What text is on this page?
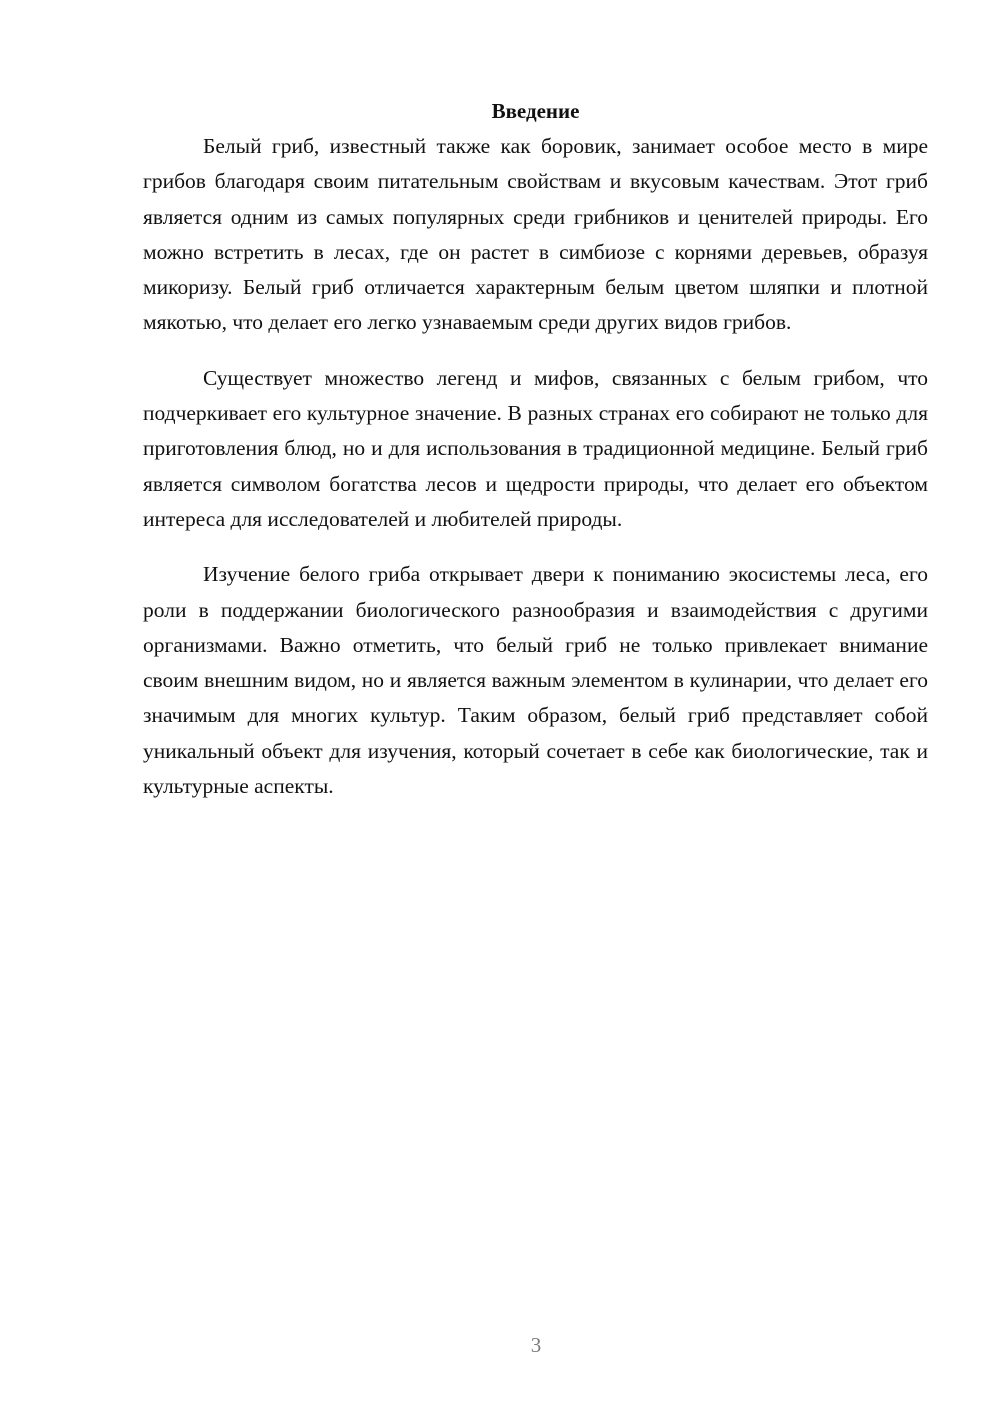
Введение

Белый гриб, известный также как боровик, занимает особое место в мире грибов благодаря своим питательным свойствам и вкусовым качествам. Этот гриб является одним из самых популярных среди грибников и ценителей природы. Его можно встретить в лесах, где он растет в симбиозе с корнями деревьев, образуя микоризу. Белый гриб отличается характерным белым цветом шляпки и плотной мякотью, что делает его легко узнаваемым среди других видов грибов.

Существует множество легенд и мифов, связанных с белым грибом, что подчеркивает его культурное значение. В разных странах его собирают не только для приготовления блюд, но и для использования в традиционной медицине. Белый гриб является символом богатства лесов и щедрости природы, что делает его объектом интереса для исследователей и любителей природы.

Изучение белого гриба открывает двери к пониманию экосистемы леса, его роли в поддержании биологического разнообразия и взаимодействия с другими организмами. Важно отметить, что белый гриб не только привлекает внимание своим внешним видом, но и является важным элементом в кулинарии, что делает его значимым для многих культур. Таким образом, белый гриб представляет собой уникальный объект для изучения, который сочетает в себе как биологические, так и культурные аспекты.

3
